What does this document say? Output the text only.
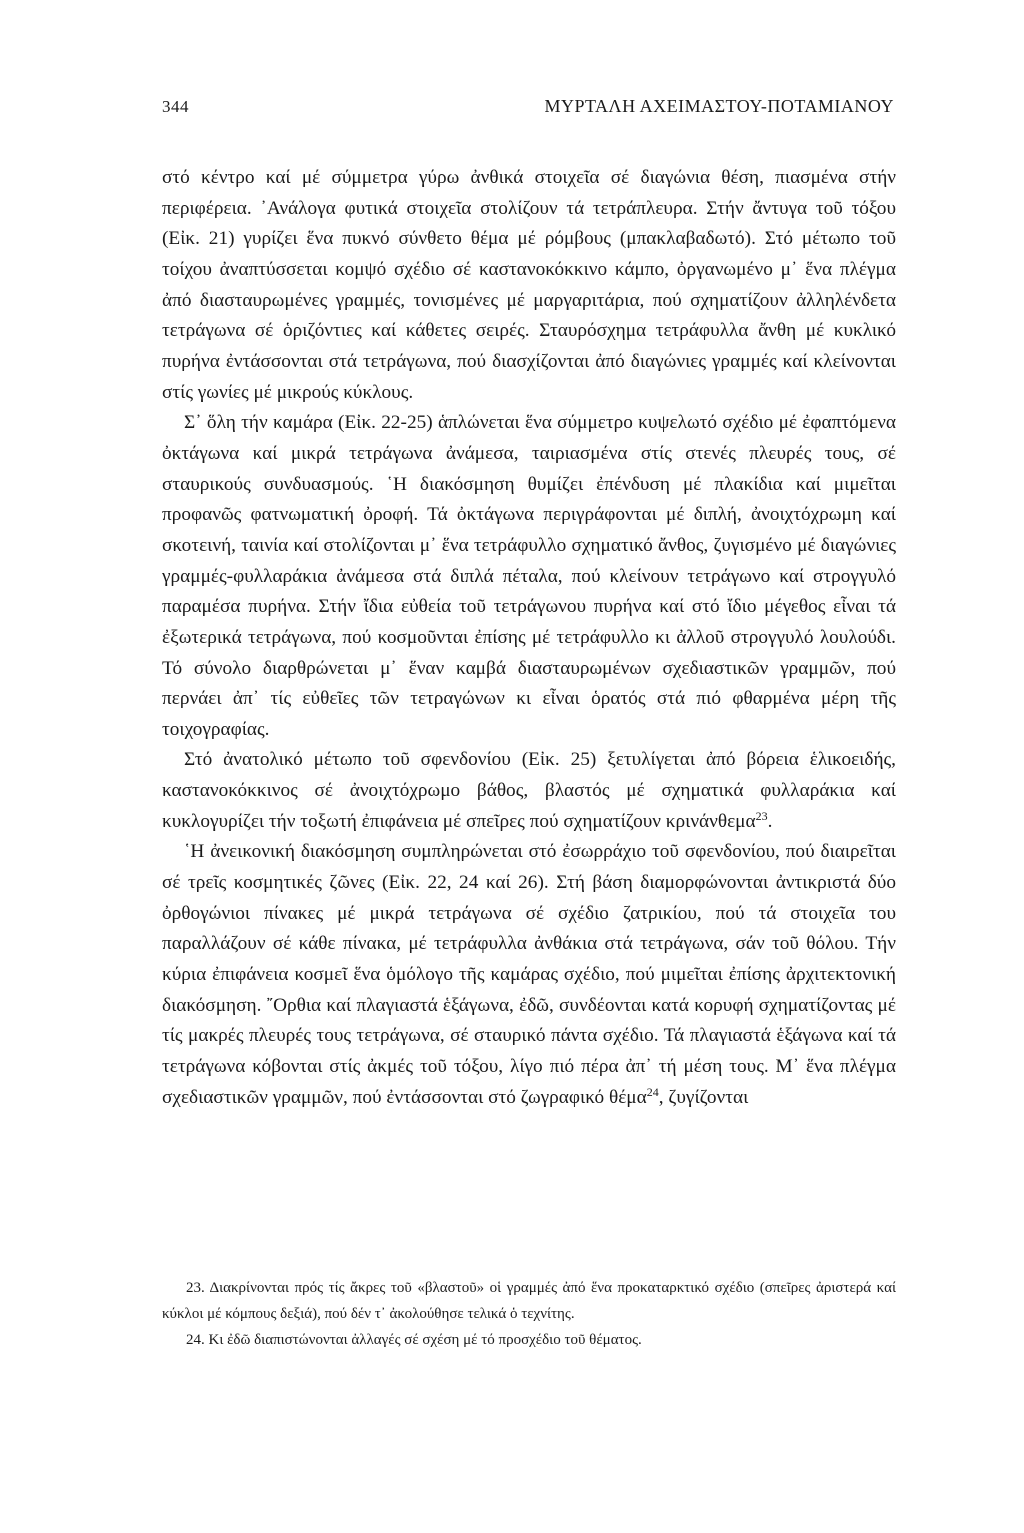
344	ΜΥΡΤΑΛΗ ΑΧΕΙΜΑΣΤΟΥ-ΠΟΤΑΜΙΑΝΟΥ

στό κέντρο καί μέ σύμμετρα γύρω ἀνθικά στοιχεῖα σέ διαγώνια θέση, πιασμένα στήν περιφέρεια. ᾿Ανάλογα φυτικά στοιχεῖα στολίζουν τά τετράπλευρα. Στήν ἄντυγα τοῦ τόξου (Εἰκ. 21) γυρίζει ἕνα πυκνό σύνθετο θέμα μέ ρόμβους (μπακλαβαδωτό). Στό μέτωπο τοῦ τοίχου ἀναπτύσσεται κομψό σχέδιο σέ καστανοκόκκινο κάμπο, ὀργανωμένο μ᾿ ἕνα πλέγμα ἀπό διασταυρωμένες γραμμές, τονισμένες μέ μαργαριτάρια, πού σχηματίζουν ἀλληλένδετα τετράγωνα σέ ὁριζόντιες καί κάθετες σειρές. Σταυρόσχημα τετράφυλλα ἄνθη μέ κυκλικό πυρήνα ἐντάσσονται στά τετράγωνα, πού διασχίζονται ἀπό διαγώνιες γραμμές καί κλείνονται στίς γωνίες μέ μικρούς κύκλους.

Σ᾿ ὅλη τήν καμάρα (Εἰκ. 22-25) ἁπλώνεται ἕνα σύμμετρο κυψελωτό σχέδιο μέ ἐφαπτόμενα ὀκτάγωνα καί μικρά τετράγωνα ἀνάμεσα, ταιριασμένα στίς στενές πλευρές τους, σέ σταυρικούς συνδυασμούς. ῾Η διακόσμηση θυμίζει ἐπένδυση μέ πλακίδια καί μιμεῖται προφανῶς φατνωματική ὀροφή. Τά ὀκτάγωνα περιγράφονται μέ διπλή, ἀνοιχτόχρωμη καί σκοτεινή, ταινία καί στολίζονται μ᾿ ἕνα τετράφυλλο σχηματικό ἄνθος, ζυγισμένο μέ διαγώνιες γραμμές-φυλλαράκια ἀνάμεσα στά διπλά πέταλα, πού κλείνουν τετράγωνο καί στρογγυλό παραμέσα πυρήνα. Στήν ἴδια εὐθεία τοῦ τετράγωνου πυρήνα καί στό ἴδιο μέγεθος εἶναι τά ἐξωτερικά τετράγωνα, πού κοσμοῦνται ἐπίσης μέ τετράφυλλο κι ἀλλοῦ στρογγυλό λουλούδι. Τό σύνολο διαρθρώνεται μ᾿ ἕναν καμβά διασταυρωμένων σχεδιαστικῶν γραμμῶν, πού περνάει ἀπ᾿ τίς εὐθεῖες τῶν τετραγώνων κι εἶναι ὁρατός στά πιό φθαρμένα μέρη τῆς τοιχογραφίας.

Στό ἀνατολικό μέτωπο τοῦ σφενδονίου (Εἰκ. 25) ξετυλίγεται ἀπό βόρεια ἑλικοειδής, καστανοκόκκινος σέ ἀνοιχτόχρωμο βάθος, βλαστός μέ σχηματικά φυλλαράκια καί κυκλογυρίζει τήν τοξωτή ἐπιφάνεια μέ σπεῖρες πού σχηματίζουν κρινάνθεμα$^{23}$.

῾Η ἀνεικονική διακόσμηση συμπληρώνεται στό ἐσωρράχιο τοῦ σφενδονίου, πού διαιρεῖται σέ τρεῖς κοσμητικές ζῶνες (Εἰκ. 22, 24 καί 26). Στή βάση διαμορφώνονται ἀντικριστά δύο ὀρθογώνιοι πίνακες μέ μικρά τετράγωνα σέ σχέδιο ζατρικίου, πού τά στοιχεῖα του παραλλάζουν σέ κάθε πίνακα, μέ τετράφυλλα ἀνθάκια στά τετράγωνα, σάν τοῦ θόλου. Τήν κύρια ἐπιφάνεια κοσμεῖ ἕνα ὁμόλογο τῆς καμάρας σχέδιο, πού μιμεῖται ἐπίσης ἀρχιτεκτονική διακόσμηση. ῎Ορθια καί πλαγιαστά ἑξάγωνα, ἐδῶ, συνδέονται κατά κορυφή σχηματίζοντας μέ τίς μακρές πλευρές τους τετράγωνα, σέ σταυρικό πάντα σχέδιο. Τά πλαγιαστά ἑξάγωνα καί τά τετράγωνα κόβονται στίς ἀκμές τοῦ τόξου, λίγο πιό πέρα ἀπ᾿ τή μέση τους. Μ᾿ ἕνα πλέγμα σχεδιαστικῶν γραμμῶν, πού ἐντάσσονται στό ζωγραφικό θέμα$^{24}$, ζυγίζονται

23. Διακρίνονται πρός τίς ἄκρες τοῦ «βλαστοῦ» οἱ γραμμές ἀπό ἕνα προκαταρκτικό σχέδιο (σπεῖρες ἀριστερά καί κύκλοι μέ κόμπους δεξιά), πού δέν τ᾿ ἀκολούθησε τελικά ὁ τεχνίτης.

24. Κι ἐδῶ διαπιστώνονται ἀλλαγές σέ σχέση μέ τό προσχέδιο τοῦ θέματος.
